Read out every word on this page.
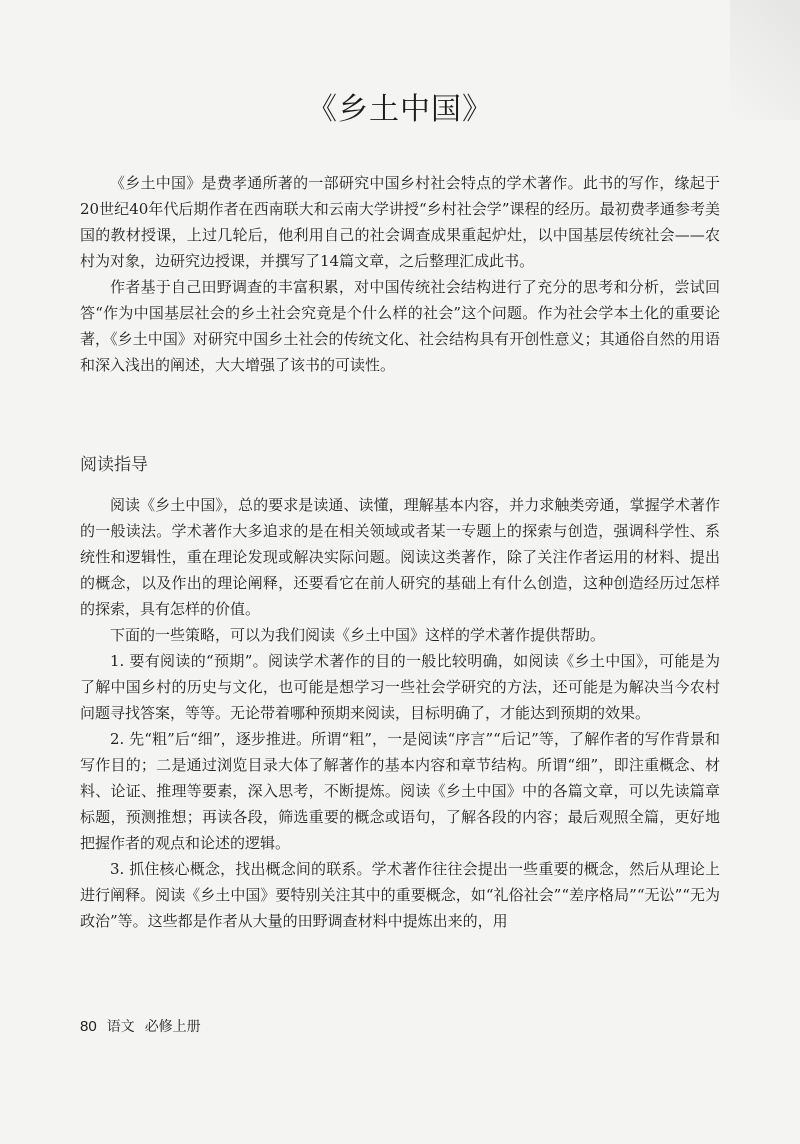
《乡土中国》

《乡土中国》是费孝通所著的一部研究中国乡村社会特点的学术著作。此书的写作，缘起于20世纪40年代后期作者在西南联大和云南大学讲授“乡村社会学”课程的经历。最初费孝通参考美国的教材授课，上过几轮后，他利用自己的社会调查成果重起炉灶，以中国基层传统社会——农村为对象，边研究边授课，并撰写了14篇文章，之后整理汇成此书。

作者基于自己田野调查的丰富积累，对中国传统社会结构进行了充分的思考和分析，尝试回答“作为中国基层社会的乡土社会究竟是个什么样的社会”这个问题。作为社会学本土化的重要论著，《乡土中国》对研究中国乡土社会的传统文化、社会结构具有开创性意义；其通俗自然的用语和深入浅出的阐述，大大增强了该书的可读性。

阅读指导

阅读《乡土中国》，总的要求是读通、读懂，理解基本内容，并力求触类旁通，掌握学术著作的一般读法。学术著作大多追求的是在相关领域或者某一专题上的探索与创造，强调科学性、系统性和逻辑性，重在理论发现或解决实际问题。阅读这类著作，除了关注作者运用的材料、提出的概念，以及作出的理论阐释，还要看它在前人研究的基础上有什么创造，这种创造经历过怎样的探索，具有怎样的价值。

下面的一些策略，可以为我们阅读《乡土中国》这样的学术著作提供帮助。

1. 要有阅读的“预期”。阅读学术著作的目的一般比较明确，如阅读《乡土中国》，可能是为了解中国乡村的历史与文化，也可能是想学习一些社会学研究的方法，还可能是为解决当今农村问题寻找答案，等等。无论带着哪种预期来阅读，目标明确了，才能达到预期的效果。

2. 先“粗”后“细”，逐步推进。所谓“粗”，一是阅读“序言”“后记”等，了解作者的写作背景和写作目的；二是通过浏览目录大体了解著作的基本内容和章节结构。所谓“细”，即注重概念、材料、论证、推理等要素，深入思考，不断提炼。阅读《乡土中国》中的各篇文章，可以先读篇章标题，预测推想；再读各段，筛选重要的概念或语句，了解各段的内容；最后观照全篇，更好地把握作者的观点和论述的逻辑。

3. 抓住核心概念，找出概念间的联系。学术著作往往会提出一些重要的概念，然后从理论上进行阐释。阅读《乡土中国》要特别关注其中的重要概念，如“礼俗社会”“差序格局”“无讼”“无为政治”等。这些都是作者从大量的田野调查材料中提炼出来的，用

80 语文 必修上册
